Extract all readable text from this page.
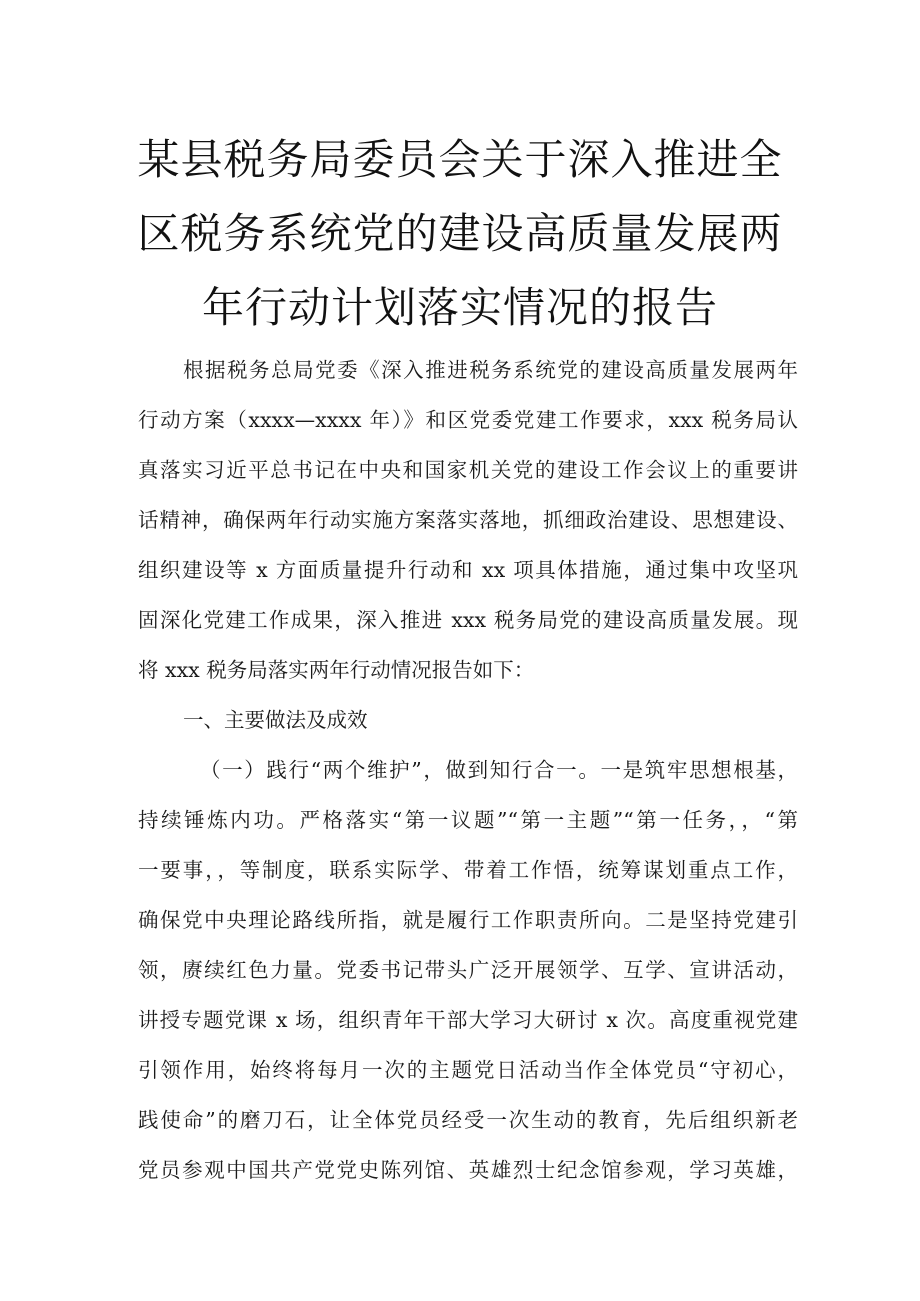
某县税务局委员会关于深入推进全
区税务系统党的建设高质量发展两
年行动计划落实情况的报告
根据税务总局党委《深入推进税务系统党的建设高质量发展两年
行动方案（xxxx—xxxx 年）》和区党委党建工作要求，xxx 税务局认
真落实习近平总书记在中央和国家机关党的建设工作会议上的重要讲
话精神，确保两年行动实施方案落实落地，抓细政治建设、思想建设、
组织建设等 x 方面质量提升行动和 xx 项具体措施，通过集中攻坚巩
固深化党建工作成果，深入推进 xxx 税务局党的建设高质量发展。现
将 xxx 税务局落实两年行动情况报告如下：
一、主要做法及成效
（一）践行“两个维护”，做到知行合一。一是筑牢思想根基，
持续锤炼内功。严格落实“第一议题”“第一主题”“第一任务，，“第
一要事，，等制度，联系实际学、带着工作悟，统筹谋划重点工作，
确保党中央理论路线所指，就是履行工作职责所向。二是坚持党建引
领，赓续红色力量。党委书记带头广泛开展领学、互学、宣讲活动，
讲授专题党课 x 场，组织青年干部大学习大研讨 x 次。高度重视党建
引领作用，始终将每月一次的主题党日活动当作全体党员“守初心，
践使命”的磨刀石，让全体党员经受一次生动的教育，先后组织新老
党员参观中国共产党党史陈列馆、英雄烈士纪念馆参观，学习英雄，
